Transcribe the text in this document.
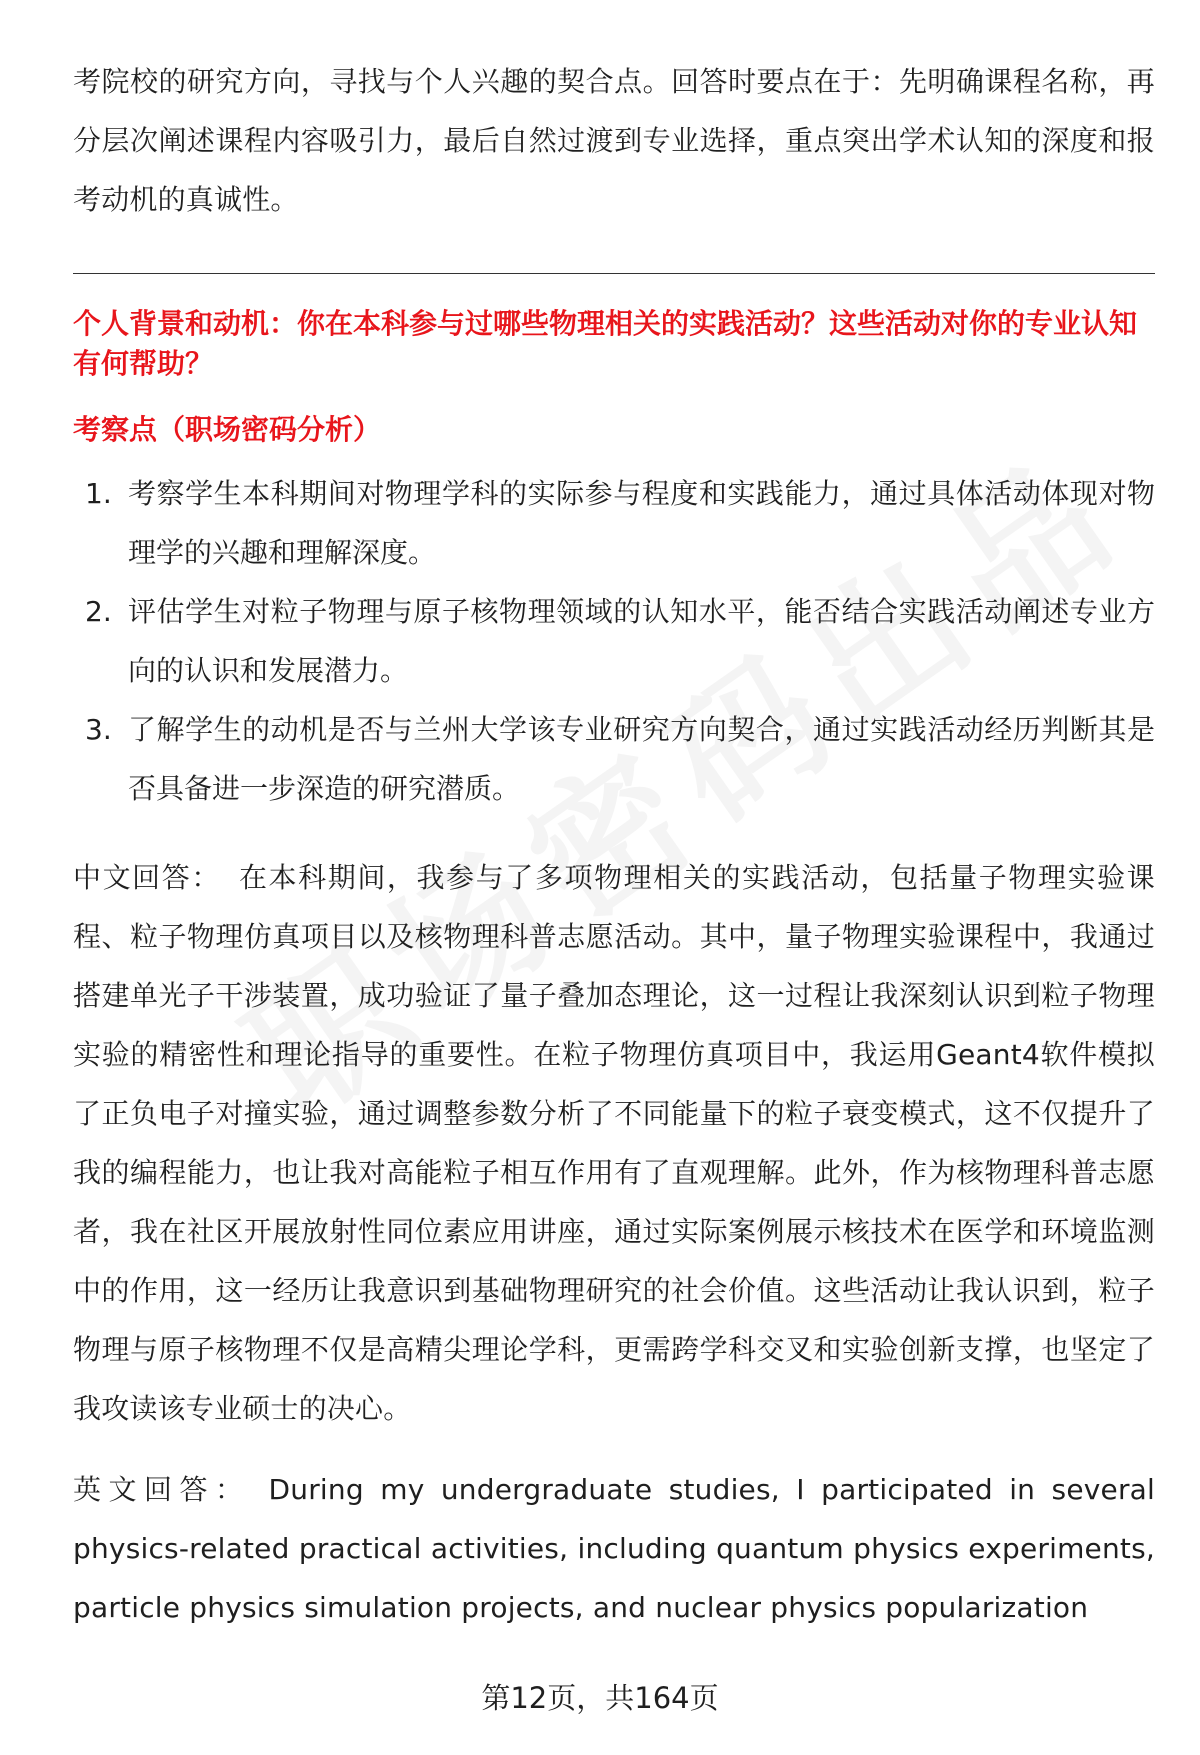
考院校的研究方向，寻找与个人兴趣的契合点。回答时要点在于：先明确课程名称，再分层次阐述课程内容吸引力，最后自然过渡到专业选择，重点突出学术认知的深度和报考动机的真诚性。

个人背景和动机：你在本科参与过哪些物理相关的实践活动？这些活动对你的专业认知有何帮助？

考察点（职场密码分析）

1. 考察学生本科期间对物理学科的实际参与程度和实践能力，通过具体活动体现对物理学的兴趣和理解深度。
2. 评估学生对粒子物理与原子核物理领域的认知水平，能否结合实践活动阐述专业方向的认识和发展潜力。
3. 了解学生的动机是否与兰州大学该专业研究方向契合，通过实践活动经历判断其是否具备进一步深造的研究潜质。

中文回答： 在本科期间，我参与了多项物理相关的实践活动，包括量子物理实验课程、粒子物理仿真项目以及核物理科普志愿活动。其中，量子物理实验课程中，我通过搭建单光子干涉装置，成功验证了量子叠加态理论，这一过程让我深刻认识到粒子物理实验的精密性和理论指导的重要性。在粒子物理仿真项目中，我运用Geant4软件模拟了正负电子对撞实验，通过调整参数分析了不同能量下的粒子衰变模式，这不仅提升了我的编程能力，也让我对高能粒子相互作用有了直观理解。此外，作为核物理科普志愿者，我在社区开展放射性同位素应用讲座，通过实际案例展示核技术在医学和环境监测中的作用，这一经历让我意识到基础物理研究的社会价值。这些活动让我认识到，粒子物理与原子核物理不仅是高精尖理论学科，更需跨学科交叉和实验创新支撑，也坚定了我攻读该专业硕士的决心。

英文回答： During my undergraduate studies, I participated in several physics-related practical activities, including quantum physics experiments, particle physics simulation projects, and nuclear physics popularization

第12页，共164页
